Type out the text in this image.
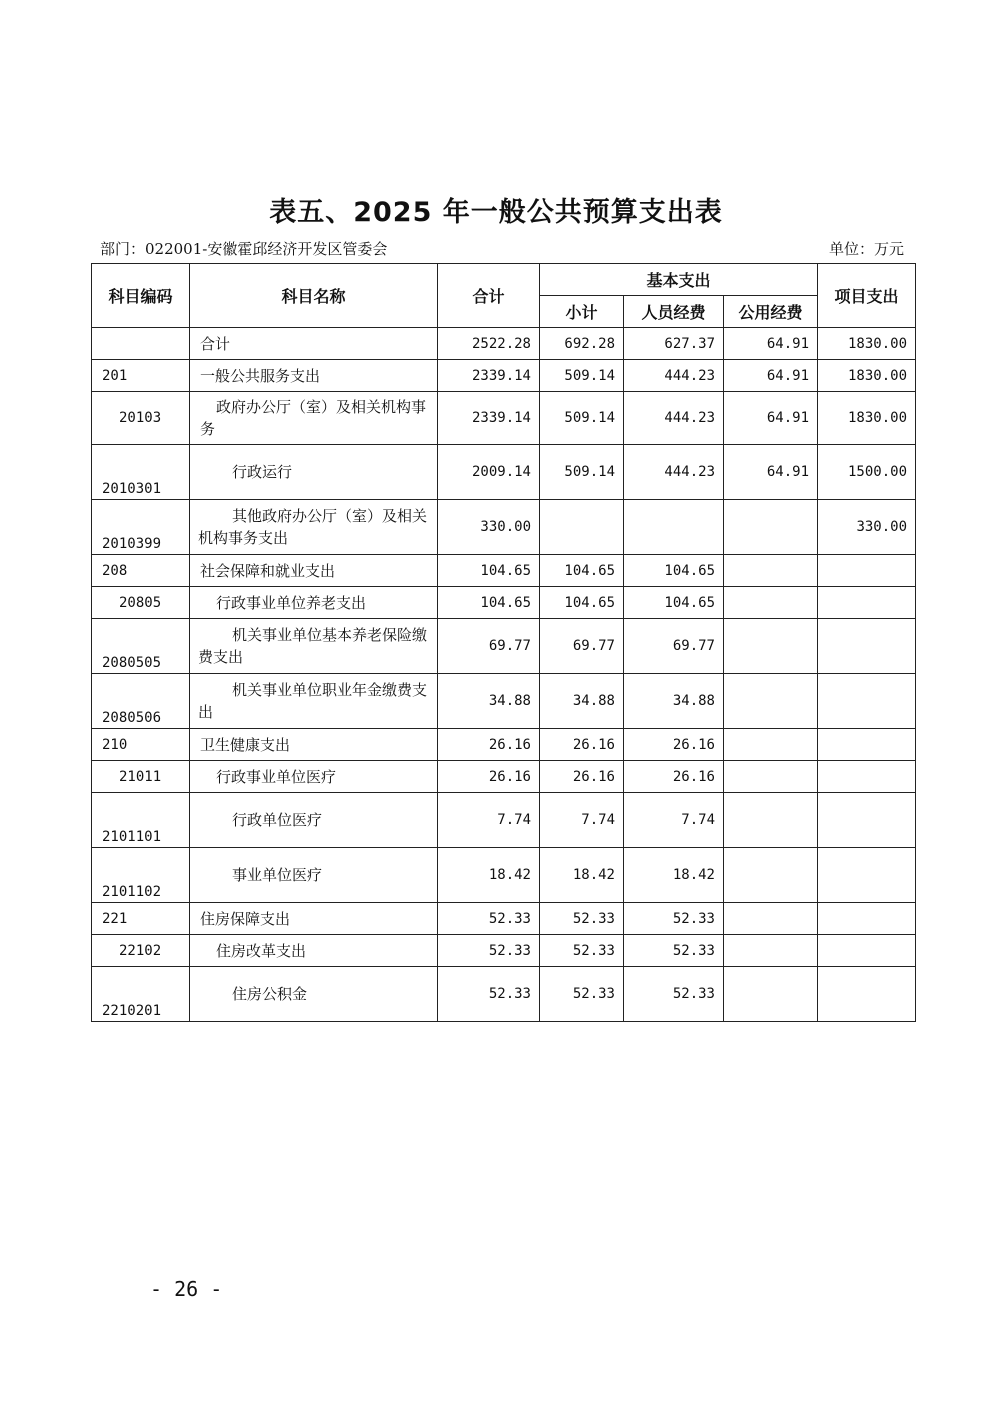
表五、2025 年一般公共预算支出表
部门：022001-安徽霍邱经济开发区管委会	单位：万元
科目编码	科目名称	合计	基本支出			项目支出
			小计	人员经费	公用经费	
	合计	2522.28	692.28	627.37	64.91	1830.00
201	一般公共服务支出	2339.14	509.14	444.23	64.91	1830.00
20103	政府办公厅（室）及相关机构事务	2339.14	509.14	444.23	64.91	1830.00
2010301	行政运行	2009.14	509.14	444.23	64.91	1500.00
2010399	其他政府办公厅（室）及相关机构事务支出	330.00				330.00
208	社会保障和就业支出	104.65	104.65	104.65		
20805	行政事业单位养老支出	104.65	104.65	104.65		
2080505	机关事业单位基本养老保险缴费支出	69.77	69.77	69.77		
2080506	机关事业单位职业年金缴费支出	34.88	34.88	34.88		
210	卫生健康支出	26.16	26.16	26.16		
21011	行政事业单位医疗	26.16	26.16	26.16		
2101101	行政单位医疗	7.74	7.74	7.74		
2101102	事业单位医疗	18.42	18.42	18.42		
221	住房保障支出	52.33	52.33	52.33		
22102	住房改革支出	52.33	52.33	52.33		
2210201	住房公积金	52.33	52.33	52.33		
- 26 -
